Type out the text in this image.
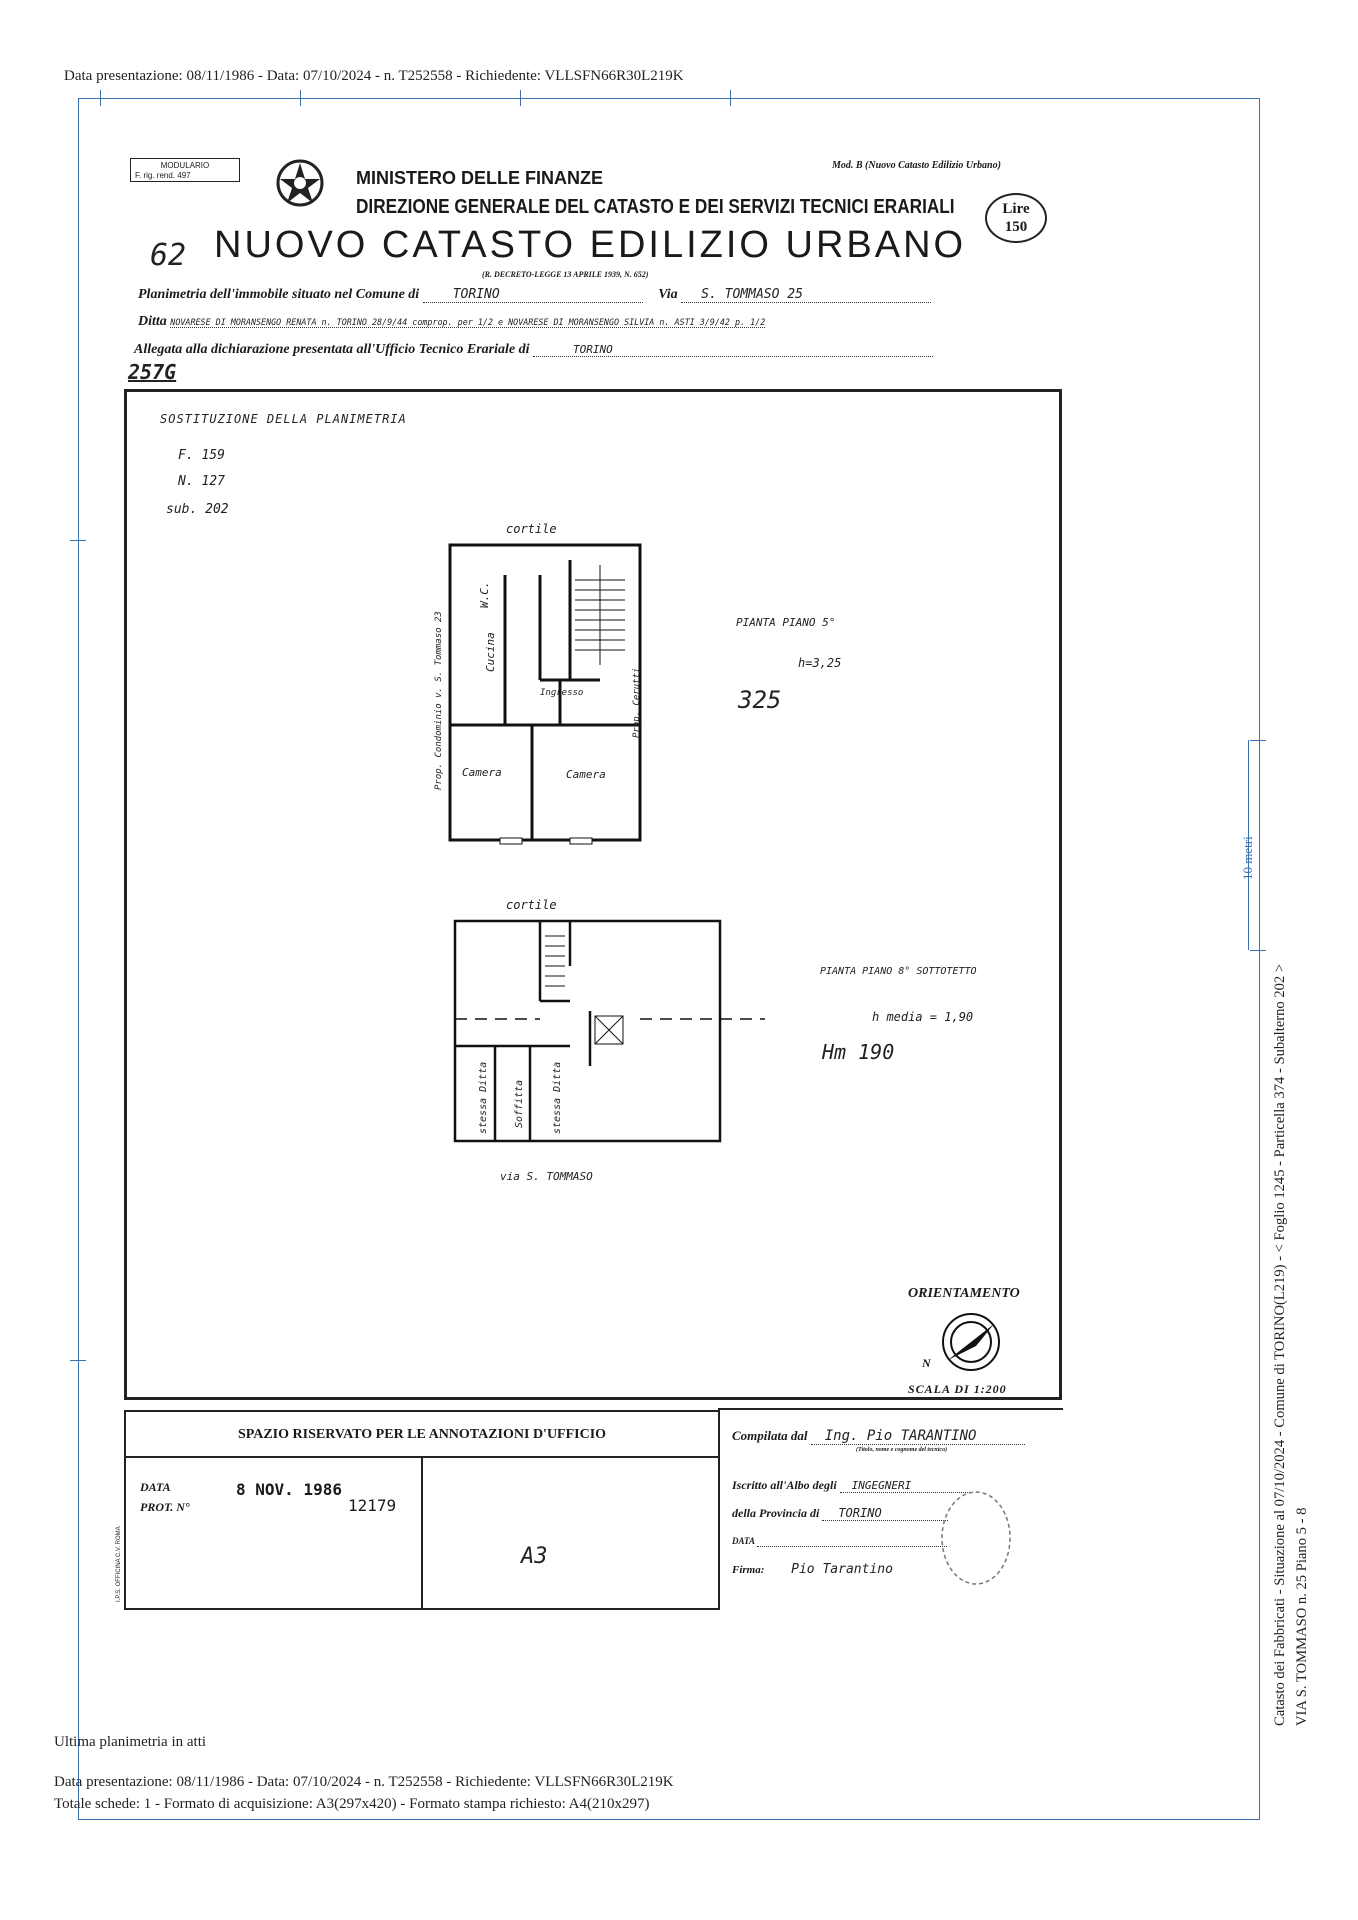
Data presentazione: 08/11/1986 - Data: 07/10/2024 - n. T252558 - Richiedente: VLLSFN66R30L219K
MODULARIO
F. rig. rend. 497	MINISTERO DELLE FINANZE
Mod. B (Nuovo Catasto Edilizio Urbano)
DIREZIONE GENERALE DEL CATASTO E DEI SERVIZI TECNICI ERARIALI	Lire
150
62 NUOVO CATASTO EDILIZIO URBANO
(R. DECRETO-LEGGE 13 APRILE 1939, N. 652)
Planimetria dell'immobile situato nel Comune di	TORINO	Via S. TOMMASO 25
Ditta NOVARESE DI MORANSENGO RENATA n. TORINO 28/9/44 comprop. per 1/2 e NOVARESE DI MORANSENGO SILVIA n. ASTI 3/9/42 p. 1/2
Allegata alla dichiarazione presentata all'Ufficio Tecnico Erariale di	TORINO
257G
SOSTITUZIONE DELLA PLANIMETRIA
F. 159
N. 127
sub. 202
cortile
W.C.
Cucina
Ingresso
Camera	Camera
Prop. Condominio v. S. Tommaso 23	Prop. Cerutti
PIANTA PIANO 5°
h=3,25
325
cortile
stessa Ditta	Soffitta	stessa Ditta
via S. TOMMASO
PIANTA PIANO 8° SOTTOTETTO
h media = 1,90
Hm 190
ORIENTAMENTO
N
SCALA DI 1:200
SPAZIO RISERVATO PER LE ANNOTAZIONI D'UFFICIO
DATA
PROT. N°
8 NOV. 1986
12179
A3
I.P.S. OFFICINA C.V. ROMA
Compilata dal Ing. Pio TARANTINO
(Titolo, nome e cognome del tecnico)
Iscritto all'Albo degli INGEGNERI
della Provincia di TORINO
DATA
Firma: Pio Tarantino
Ultima planimetria in atti
Data presentazione: 08/11/1986 - Data: 07/10/2024 - n. T252558 - Richiedente: VLLSFN66R30L219K
Totale schede: 1 - Formato di acquisizione: A3(297x420) - Formato stampa richiesto: A4(210x297)
10 metri
Catasto dei Fabbricati - Situazione al 07/10/2024 - Comune di TORINO(L219) - < Foglio 1245 - Particella 374 - Subalterno 202 > VIA S. TOMMASO n. 25 Piano 5 - 8
